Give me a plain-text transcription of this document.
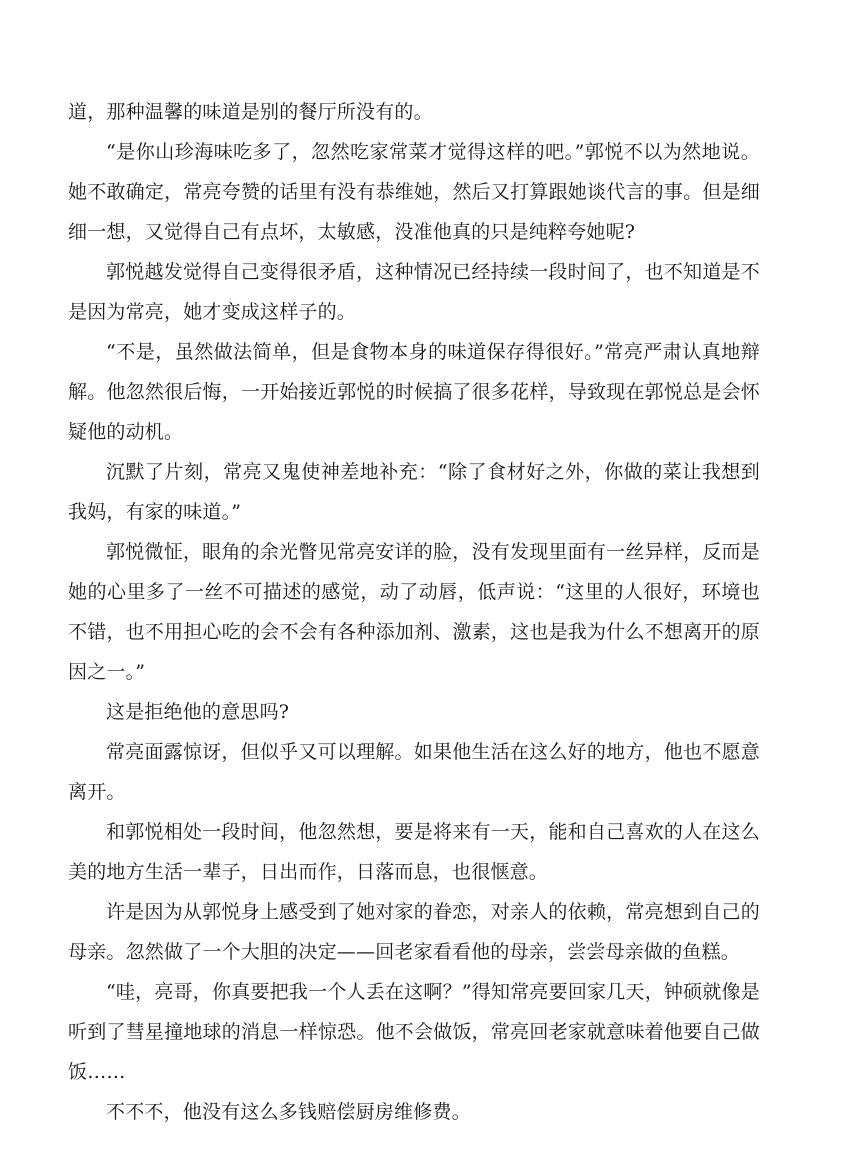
道，那种温馨的味道是别的餐厅所没有的。

“是你山珍海味吃多了，忽然吃家常菜才觉得这样的吧。”郭悦不以为然地说。她不敢确定，常亮夸赞的话里有没有恭维她，然后又打算跟她谈代言的事。但是细细一想，又觉得自己有点坏，太敏感，没准他真的只是纯粹夸她呢?

郭悦越发觉得自己变得很矛盾，这种情况已经持续一段时间了，也不知道是不是因为常亮，她才变成这样子的。

“不是，虽然做法简单，但是食物本身的味道保存得很好。”常亮严肃认真地辩解。他忽然很后悔，一开始接近郭悦的时候搞了很多花样，导致现在郭悦总是会怀疑他的动机。

沉默了片刻，常亮又鬼使神差地补充：“除了食材好之外，你做的菜让我想到我妈，有家的味道。”

郭悦微怔，眼角的余光瞥见常亮安详的脸，没有发现里面有一丝异样，反而是她的心里多了一丝不可描述的感觉，动了动唇，低声说：“这里的人很好，环境也不错，也不用担心吃的会不会有各种添加剂、激素，这也是我为什么不想离开的原因之一。”

这是拒绝他的意思吗?

常亮面露惊讶，但似乎又可以理解。如果他生活在这么好的地方，他也不愿意离开。

和郭悦相处一段时间，他忽然想，要是将来有一天，能和自己喜欢的人在这么美的地方生活一辈子，日出而作，日落而息，也很惬意。

许是因为从郭悦身上感受到了她对家的眷恋，对亲人的依赖，常亮想到自己的母亲。忽然做了一个大胆的决定——回老家看看他的母亲，尝尝母亲做的鱼糕。

“哇，亮哥，你真要把我一个人丢在这啊？”得知常亮要回家几天，钟硕就像是听到了彗星撞地球的消息一样惊恐。他不会做饭，常亮回老家就意味着他要自己做饭……

不不不，他没有这么多钱赔偿厨房维修费。
